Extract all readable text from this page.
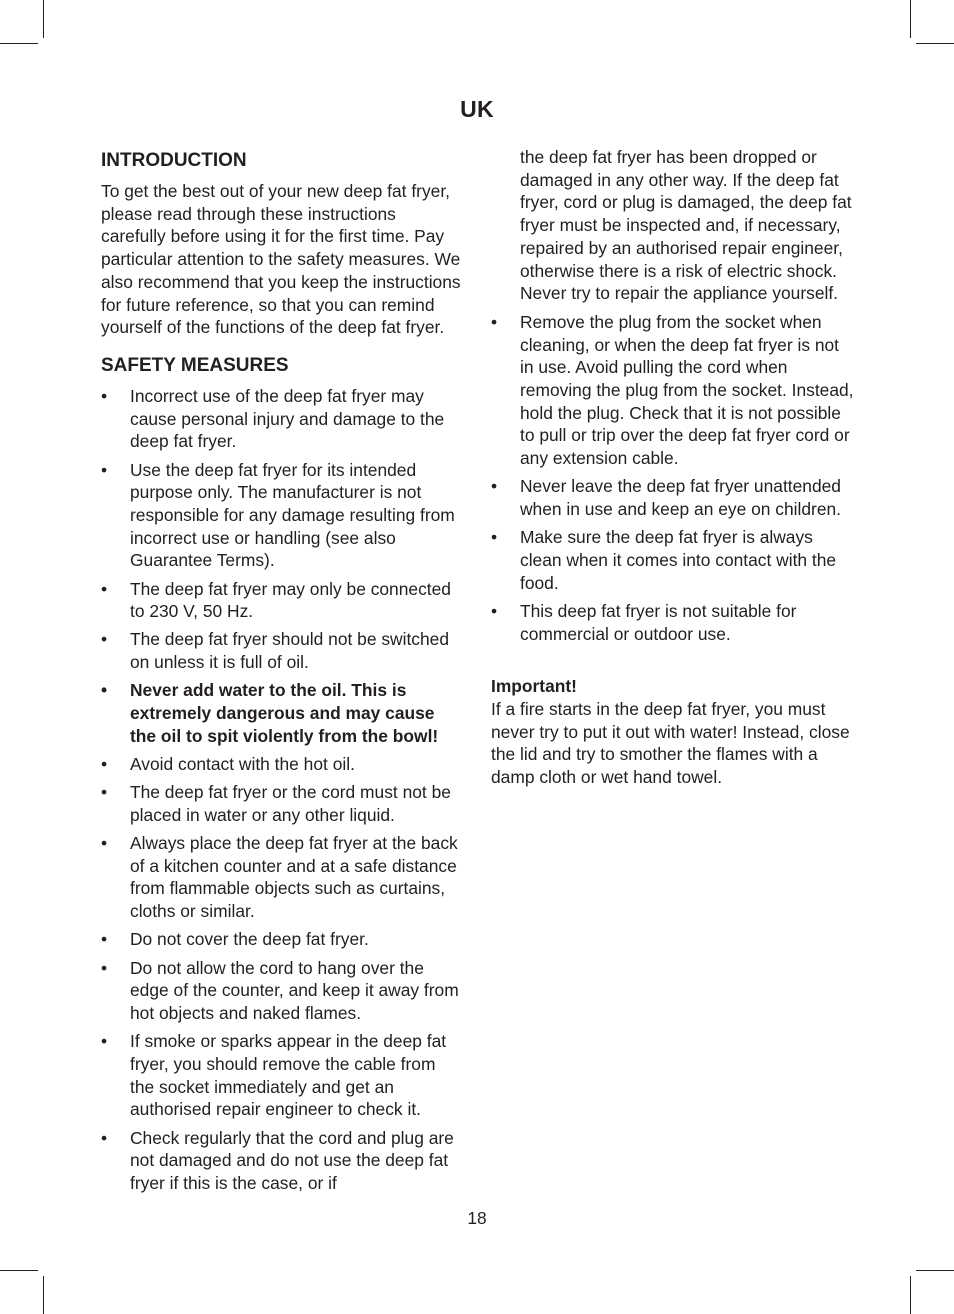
UK
INTRODUCTION

To get the best out of your new deep fat fryer, please read through these instructions carefully before using it for the first time. Pay particular attention to the safety measures. We also recommend that you keep the instructions for future reference, so that you can remind yourself of the functions of the deep fat fryer.

SAFETY MEASURES
• Incorrect use of the deep fat fryer may cause personal injury and damage to the deep fat fryer.
• Use the deep fat fryer for its intended purpose only. The manufacturer is not responsible for any damage resulting from incorrect use or handling (see also Guarantee Terms).
• The deep fat fryer may only be connected to 230 V, 50 Hz.
• The deep fat fryer should not be switched on unless it is full of oil.
• Never add water to the oil. This is extremely dangerous and may cause the oil to spit violently from the bowl!
• Avoid contact with the hot oil.
• The deep fat fryer or the cord must not be placed in water or any other liquid.
• Always place the deep fat fryer at the back of a kitchen counter and at a safe distance from flammable objects such as curtains, cloths or similar.
• Do not cover the deep fat fryer.
• Do not allow the cord to hang over the edge of the counter, and keep it away from hot objects and naked flames.
• If smoke or sparks appear in the deep fat fryer, you should remove the cable from the socket immediately and get an authorised repair engineer to check it.
• Check regularly that the cord and plug are not damaged and do not use the deep fat fryer if this is the case, or if

the deep fat fryer has been dropped or damaged in any other way. If the deep fat fryer, cord or plug is damaged, the deep fat fryer must be inspected and, if necessary, repaired by an authorised repair engineer, otherwise there is a risk of electric shock. Never try to repair the appliance yourself.

• Remove the plug from the socket when cleaning, or when the deep fat fryer is not in use. Avoid pulling the cord when removing the plug from the socket. Instead, hold the plug. Check that it is not possible to pull or trip over the deep fat fryer cord or any extension cable.
• Never leave the deep fat fryer unattended when in use and keep an eye on children.
• Make sure the deep fat fryer is always clean when it comes into contact with the food.
• This deep fat fryer is not suitable for commercial or outdoor use.
Important!

If a fire starts in the deep fat fryer, you must never try to put it out with water! Instead, close the lid and try to smother the flames with a damp cloth or wet hand towel.

18
